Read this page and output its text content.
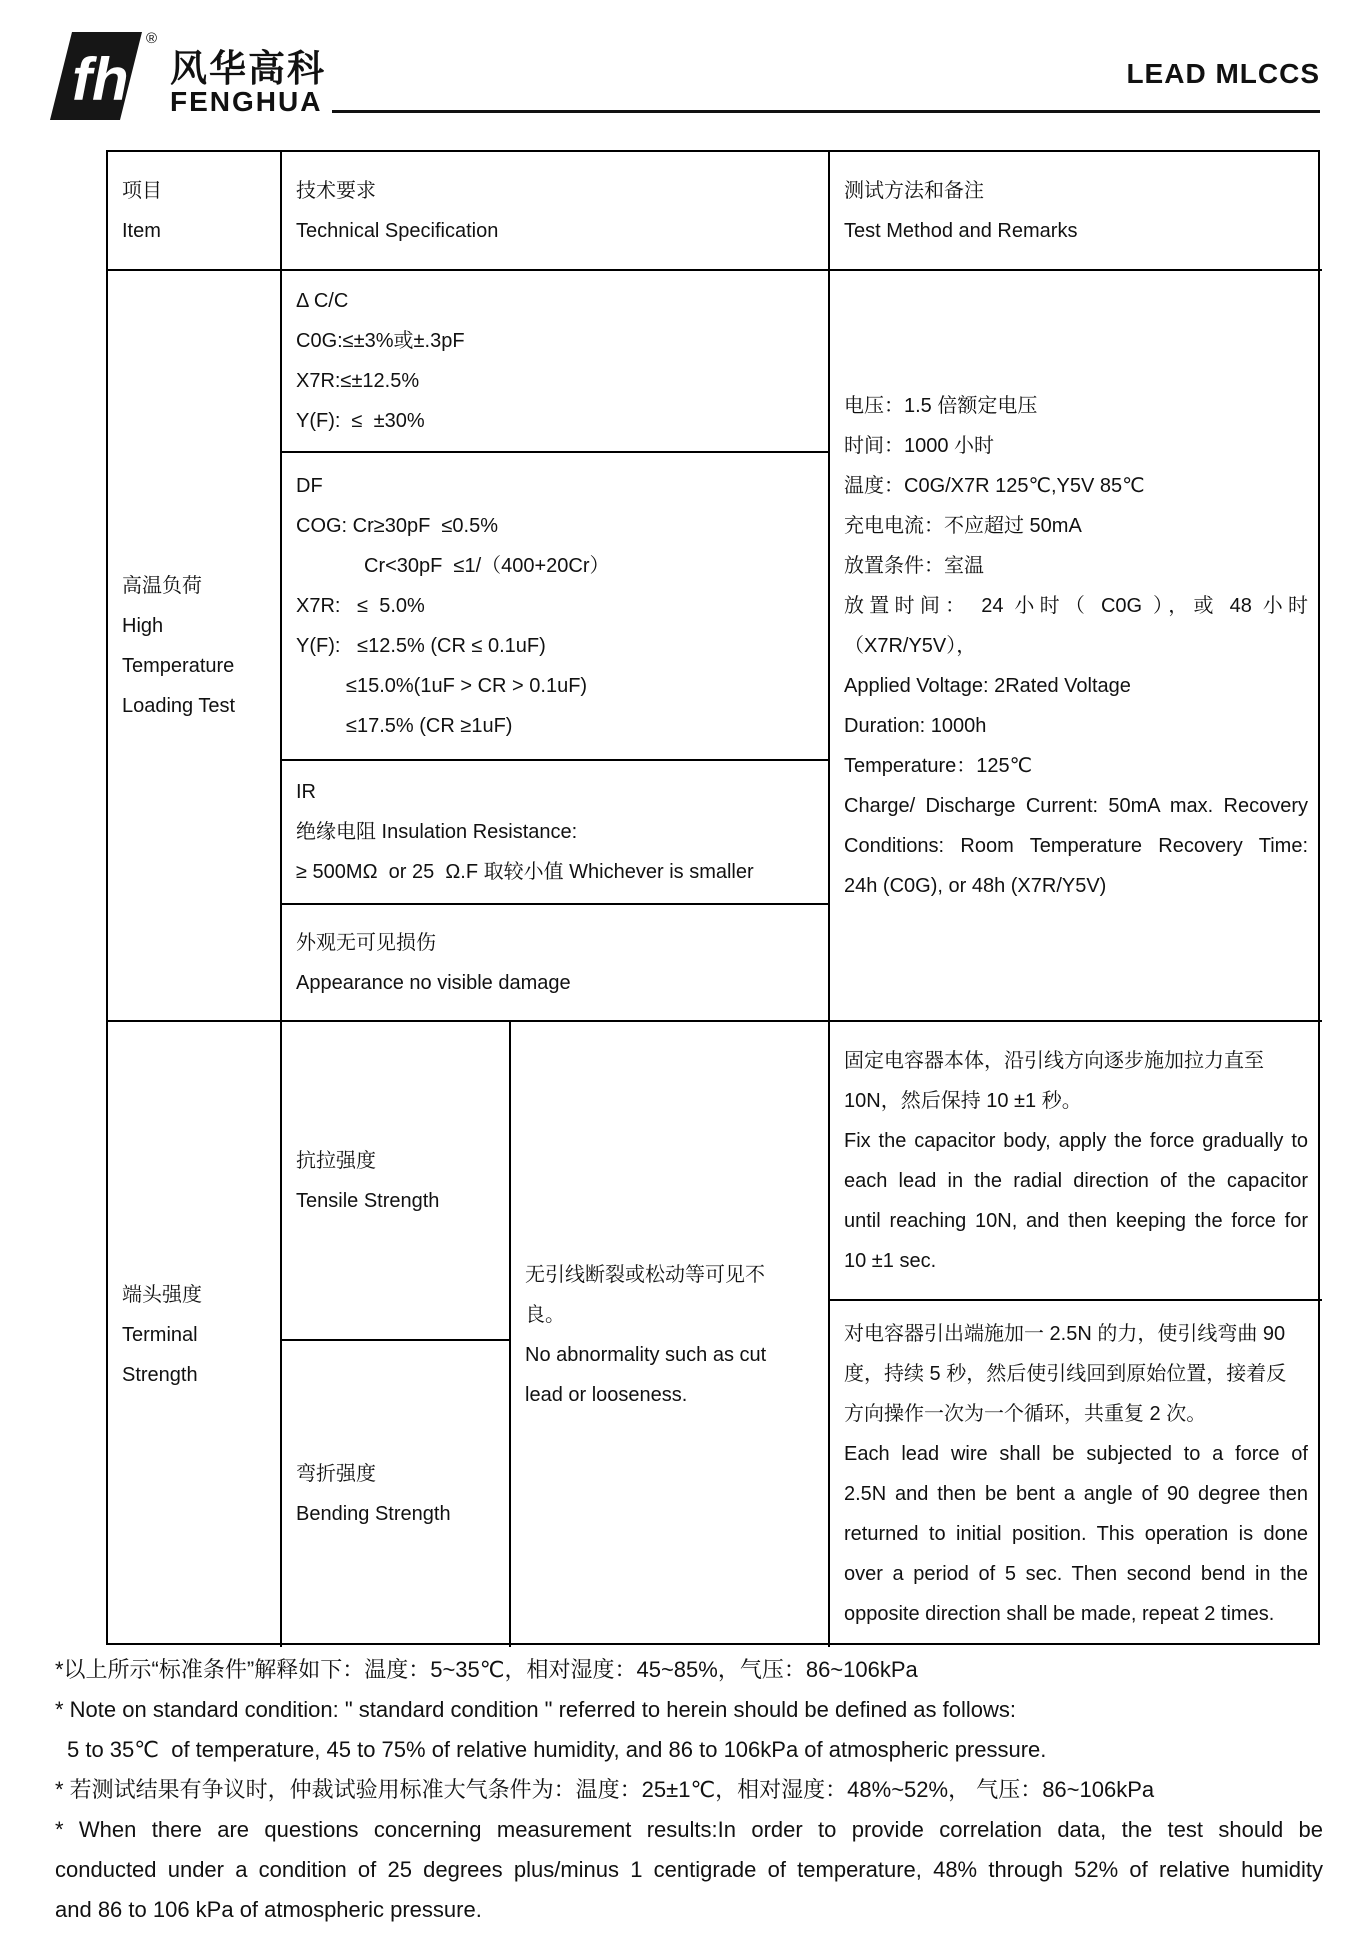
fh
®
风华高科
FENGHUA
LEAD MLCCS
项目
Item
技术要求
Technical Specification
测试方法和备注
Test Method and Remarks
高温负荷
High
Temperature
Loading Test
Δ C/C
C0G:≤±3%或±.3pF
X7R:≤±12.5%
Y(F):  ≤  ±30%
DF
COG: Cr≥30pF  ≤0.5%
Cr<30pF  ≤1/（400+20Cr）
X7R:   ≤  5.0%
Y(F):   ≤12.5% (CR ≤ 0.1uF)
≤15.0%(1uF > CR > 0.1uF)
≤17.5% (CR ≥1uF)
IR
绝缘电阻 Insulation Resistance:
≥ 500MΩ  or 25  Ω.F 取较小值 Whichever is smaller
外观无可见损伤
Appearance no visible damage
电压：1.5 倍额定电压
时间：1000 小时
温度：C0G/X7R 125℃,Y5V 85℃
充电电流：不应超过 50mA
放置条件：室温
放置时间： 24 小时（ C0G ），或 48 小时
（X7R/Y5V），
Applied Voltage: 2Rated Voltage
Duration: 1000h
Temperature：125℃
Charge/ Discharge Current: 50mA max. Recovery
Conditions: Room Temperature Recovery Time:
24h (C0G), or 48h (X7R/Y5V)
端头强度
Terminal
Strength
抗拉强度
Tensile Strength
弯折强度
Bending Strength
无引线断裂或松动等可见不
良。
No abnormality such as cut
lead or looseness.
固定电容器本体，沿引线方向逐步施加拉力直至
10N，然后保持 10 ±1 秒。
Fix the capacitor body, apply the force gradually to
each lead in the radial direction of the capacitor
until reaching 10N, and then keeping the force for
10 ±1 sec.
对电容器引出端施加一 2.5N 的力，使引线弯曲 90
度，持续 5 秒，然后使引线回到原始位置，接着反
方向操作一次为一个循环，共重复 2 次。
Each lead wire shall be subjected to a force of
2.5N and then be bent a angle of 90 degree then
returned to initial position. This operation is done
over a period of 5 sec. Then second bend in the
opposite direction shall be made, repeat 2 times.
*以上所示“标准条件”解释如下：温度：5~35℃，相对湿度：45~85%，气压：86~106kPa
* Note on standard condition: " standard condition " referred to herein should be defined as follows:
5 to 35℃  of temperature, 45 to 75% of relative humidity, and 86 to 106kPa of atmospheric pressure.
* 若测试结果有争议时，仲裁试验用标准大气条件为：温度：25±1℃，相对湿度：48%~52%， 气压：86~106kPa
* When there are questions concerning measurement results:In order to provide correlation data, the test should be
conducted under a condition of 25 degrees plus/minus 1 centigrade of temperature, 48% through 52% of relative humidity
and 86 to 106 kPa of atmospheric pressure.
